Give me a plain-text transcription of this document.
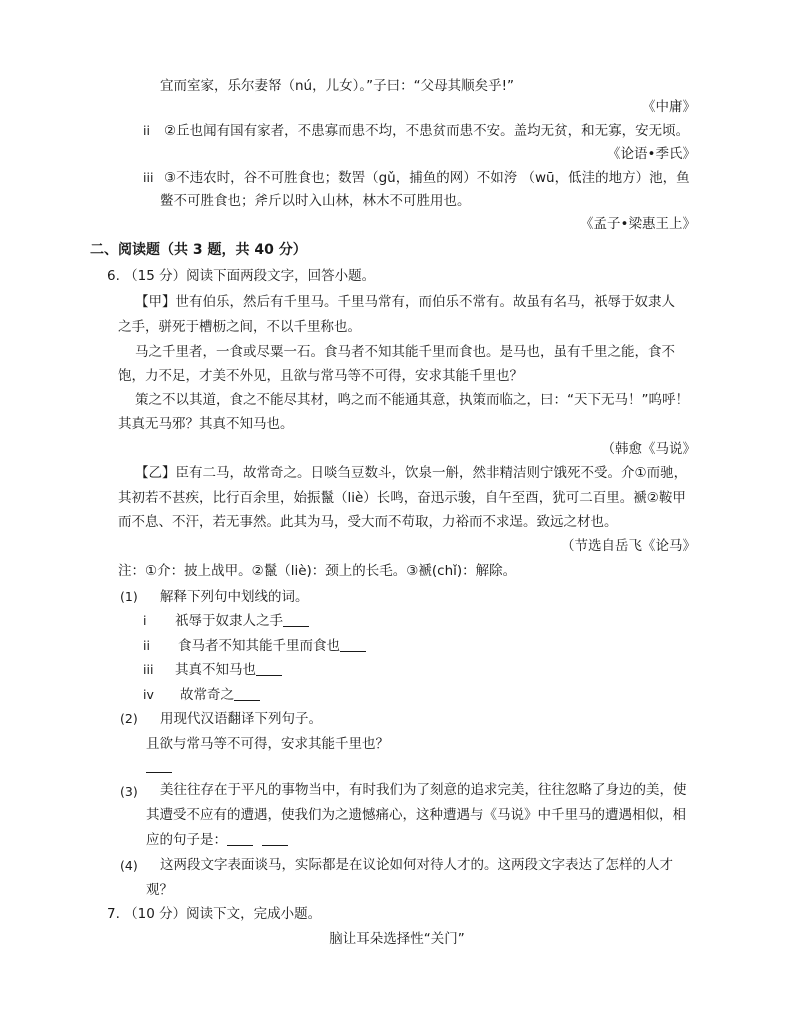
宜而室家，乐尔妻帑（nú，儿女）。”子曰：“父母其顺矣乎!”
《中庸》
ii ②丘也闻有国有家者，不患寡而患不均，不患贫而患不安。盖均无贫，和无寡，安无顷。
《论语•季氏》
iii ③不违农时，谷不可胜食也；数罟（gǔ，捕鱼的网）不如洿 （wū，低洼的地方）池，鱼
鳖不可胜食也；斧斤以时入山林，林木不可胜用也。
《孟子•梁惠王上》
二、阅读题（共 3 题，共 40 分）
6. （15 分）阅读下面两段文字，回答小题。
【甲】世有伯乐，然后有千里马。千里马常有，而伯乐不常有。故虽有名马，祇辱于奴隶人
之手，骈死于槽枥之间，不以千里称也。
马之千里者，一食或尽粟一石。食马者不知其能千里而食也。是马也，虽有千里之能，食不
饱，力不足，才美不外见，且欲与常马等不可得，安求其能千里也？
策之不以其道，食之不能尽其材，鸣之而不能通其意，执策而临之，曰：“天下无马！”呜呼！
其真无马邪？其真不知马也。
（韩愈《马说》
【乙】臣有二马，故常奇之。日啖刍豆数斗，饮泉一斛，然非精洁则宁饿死不受。介①而驰，
其初若不甚疾，比行百余里，始振鬣（liè）长鸣，奋迅示骏，自午至酉，犹可二百里。褫②鞍甲
而不息、不汗，若无事然。此其为马，受大而不苟取，力裕而不求逞。致远之材也。
（节选自岳飞《论马》
注：①介：披上战甲。②鬣（liè)：颈上的长毛。③褫(chǐ)：解除。
(1) 解释下列句中划线的词。
i 祇辱于奴隶人之手
ii 食马者不知其能千里而食也
iii 其真不知马也
iv 故常奇之
(2) 用现代汉语翻译下列句子。
且欲与常马等不可得，安求其能千里也？
(3) 美往往存在于平凡的事物当中，有时我们为了刻意的追求完美，往往忽略了身边的美，使
其遭受不应有的遭遇，使我们为之遗憾痛心，这种遭遇与《马说》中千里马的遭遇相似，相
应的句子是：
(4) 这两段文字表面谈马，实际都是在议论如何对待人才的。这两段文字表达了怎样的人才
观？
7. （10 分）阅读下文，完成小题。
脑让耳朵选择性“关门”
